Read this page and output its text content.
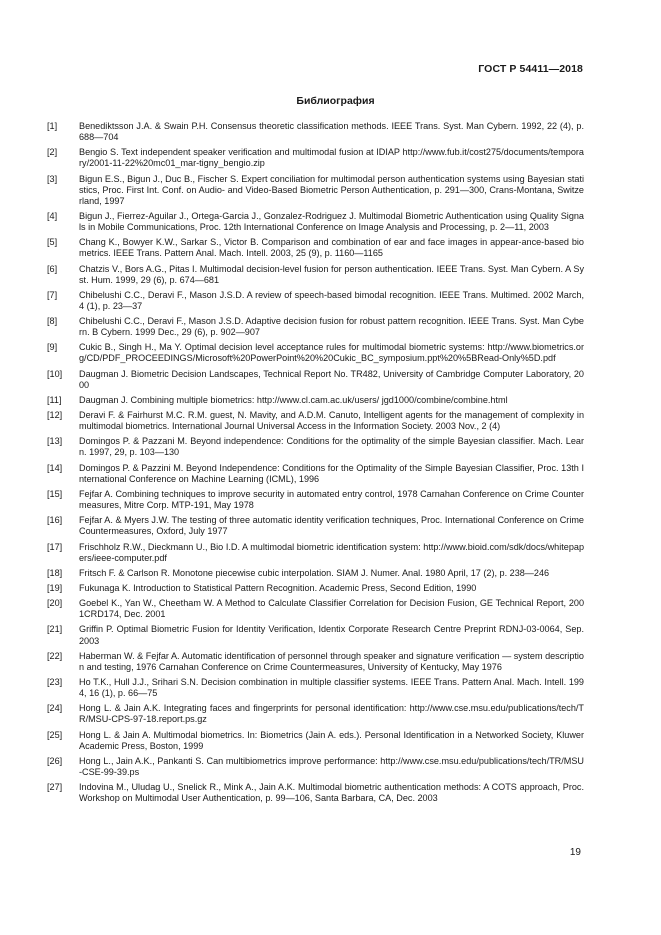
ГОСТ Р 54411—2018
Библиография
[1]	Benediktsson J.A. & Swain P.H. Consensus theoretic classification methods. IEEE Trans. Syst. Man Cybern. 1992, 22 (4), p. 688—704
[2]	Bengio S. Text independent speaker verification and multimodal fusion at IDIAP http://www.fub.it/cost275/documents/temporary/2001-11-22%20mc01_mar-tigny_bengio.zip
[3]	Bigun E.S., Bigun J., Duc B., Fischer S. Expert conciliation for multimodal person authentication systems using Bayesian statistics, Proc. First Int. Conf. on Audio- and Video-Based Biometric Person Authentication, p. 291—300, Crans-Montana, Switzerland, 1997
[4]	Bigun J., Fierrez-Aguilar J., Ortega-Garcia J., Gonzalez-Rodriguez J. Multimodal Biometric Authentication using Quality Signals in Mobile Communications, Proc. 12th International Conference on Image Analysis and Processing, p. 2—11, 2003
[5]	Chang K., Bowyer K.W., Sarkar S., Victor B. Comparison and combination of ear and face images in appear-ance-based biometrics. IEEE Trans. Pattern Anal. Mach. Intell. 2003, 25 (9), p. 1160—1165
[6]	Chatzis V., Bors A.G., Pitas I. Multimodal decision-level fusion for person authentication. IEEE Trans. Syst. Man Cybern. A Syst. Hum. 1999, 29 (6), p. 674—681
[7]	Chibelushi C.C., Deravi F., Mason J.S.D. A review of speech-based bimodal recognition. IEEE Trans. Multimed. 2002 March, 4 (1), p. 23—37
[8]	Chibelushi C.C., Deravi F., Mason J.S.D. Adaptive decision fusion for robust pattern recognition. IEEE Trans. Syst. Man Cybern. B Cybern. 1999 Dec., 29 (6), p. 902—907
[9]	Cukic B., Singh H., Ma Y. Optimal decision level acceptance rules for multimodal biometric systems: http://www.biometrics.org/CD/PDF_PROCEEDINGS/Microsoft%20PowerPoint%20%20Cukic_BC_symposium.ppt%20%5BRead-Only%5D.pdf
[10]	Daugman J. Biometric Decision Landscapes, Technical Report No. TR482, University of Cambridge Computer Laboratory, 2000
[11]	Daugman J. Combining multiple biometrics: http://www.cl.cam.ac.uk/users/ jgd1000/combine/combine.html
[12]	Deravi F. & Fairhurst M.C. R.M. guest, N. Mavity, and A.D.M. Canuto, Intelligent agents for the management of complexity in multimodal biometrics. International Journal Universal Access in the Information Society. 2003 Nov., 2 (4)
[13]	Domingos P. & Pazzani M. Beyond independence: Conditions for the optimality of the simple Bayesian classifier. Mach. Learn. 1997, 29, p. 103—130
[14]	Domingos P. & Pazzini M. Beyond Independence: Conditions for the Optimality of the Simple Bayesian Classifier, Proc. 13th International Conference on Machine Learning (ICML), 1996
[15]	Fejfar A. Combining techniques to improve security in automated entry control, 1978 Carnahan Conference on Crime Countermeasures, Mitre Corp. MTP-191, May 1978
[16]	Fejfar A. & Myers J.W. The testing of three automatic identity verification techniques, Proc. International Conference on Crime Countermeasures, Oxford, July 1977
[17]	Frischholz R.W., Dieckmann U., Bio I.D. A multimodal biometric identification system: http://www.bioid.com/sdk/docs/whitepapers/ieee-computer.pdf
[18]	Fritsch F. & Carlson R. Monotone piecewise cubic interpolation. SIAM J. Numer. Anal. 1980 April, 17 (2), p. 238—246
[19]	Fukunaga K. Introduction to Statistical Pattern Recognition. Academic Press, Second Edition, 1990
[20]	Goebel K., Yan W., Cheetham W. A Method to Calculate Classifier Correlation for Decision Fusion, GE Technical Report, 2001CRD174, Dec. 2001
[21]	Griffin P. Optimal Biometric Fusion for Identity Verification, Identix Corporate Research Centre Preprint RDNJ-03-0064, Sep. 2003
[22]	Haberman W. & Fejfar A. Automatic identification of personnel through speaker and signature verification — system description and testing, 1976 Carnahan Conference on Crime Countermeasures, University of Kentucky, May 1976
[23]	Ho T.K., Hull J.J., Srihari S.N. Decision combination in multiple classifier systems. IEEE Trans. Pattern Anal. Mach. Intell. 1994, 16 (1), p. 66—75
[24]	Hong L. & Jain A.K. Integrating faces and fingerprints for personal identification: http://www.cse.msu.edu/publications/tech/TR/MSU-CPS-97-18.report.ps.gz
[25]	Hong L. & Jain A. Multimodal biometrics. In: Biometrics (Jain A. eds.). Personal Identification in a Networked Society, Kluwer Academic Press, Boston, 1999
[26]	Hong L., Jain A.K., Pankanti S. Can multibiometrics improve performance: http://www.cse.msu.edu/publications/tech/TR/MSU-CSE-99-39.ps
[27]	Indovina M., Uludag U., Snelick R., Mink A., Jain A.K. Multimodal biometric authentication methods: A COTS approach, Proc. Workshop on Multimodal User Authentication, p. 99—106, Santa Barbara, CA, Dec. 2003
19
